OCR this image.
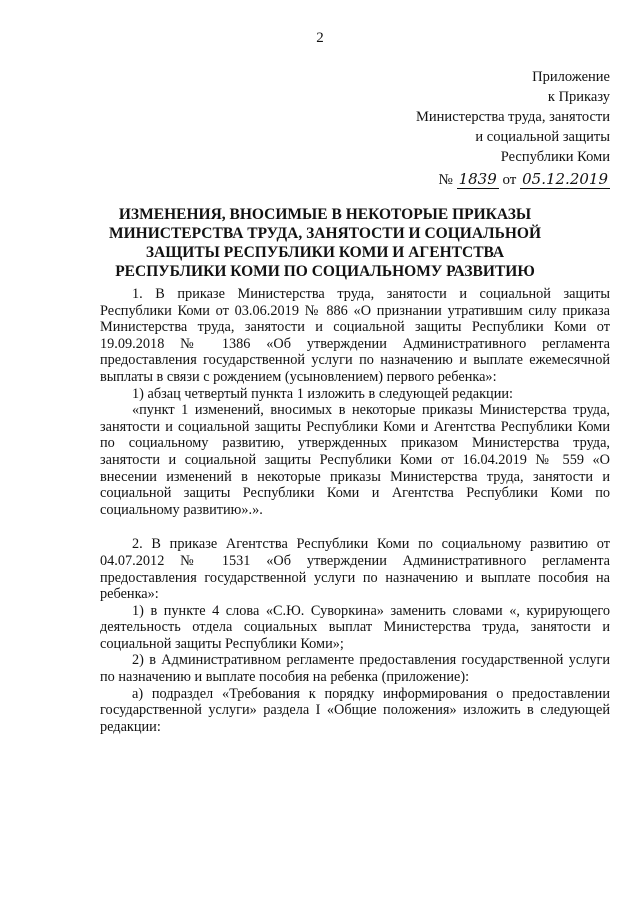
2
Приложение
к Приказу
Министерства труда, занятости
и социальной защиты
Республики Коми
№ 1839 от 05.12.2019
ИЗМЕНЕНИЯ, ВНОСИМЫЕ В НЕКОТОРЫЕ ПРИКАЗЫ МИНИСТЕРСТВА ТРУДА, ЗАНЯТОСТИ И СОЦИАЛЬНОЙ ЗАЩИТЫ РЕСПУБЛИКИ КОМИ И АГЕНТСТВА РЕСПУБЛИКИ КОМИ ПО СОЦИАЛЬНОМУ РАЗВИТИЮ

1. В приказе Министерства труда, занятости и социальной защиты Республики Коми от 03.06.2019 № 886 «О признании утратившим силу приказа Министерства труда, занятости и социальной защиты Республики Коми от 19.09.2018 № 1386 «Об утверждении Административного регламента предоставления государственной услуги по назначению и выплате ежемесячной выплаты в связи с рождением (усыновлением) первого ребенка»:

1) абзац четвертый пункта 1 изложить в следующей редакции:

«пункт 1 изменений, вносимых в некоторые приказы Министерства труда, занятости и социальной защиты Республики Коми и Агентства Республики Коми по социальному развитию, утвержденных приказом Министерства труда, занятости и социальной защиты Республики Коми от 16.04.2019 № 559 «О внесении изменений в некоторые приказы Министерства труда, занятости и социальной защиты Республики Коми и Агентства Республики Коми по социальному развитию».».

2. В приказе Агентства Республики Коми по социальному развитию от 04.07.2012 № 1531 «Об утверждении Административного регламента предоставления государственной услуги по назначению и выплате пособия на ребенка»:

1) в пункте 4 слова «С.Ю. Суворкина» заменить словами «, курирующего деятельность отдела социальных выплат Министерства труда, занятости и социальной защиты Республики Коми»;

2) в Административном регламенте предоставления государственной услуги по назначению и выплате пособия на ребенка (приложение):

а) подраздел «Требования к порядку информирования о предоставлении государственной услуги» раздела I «Общие положения» изложить в следующей редакции:
